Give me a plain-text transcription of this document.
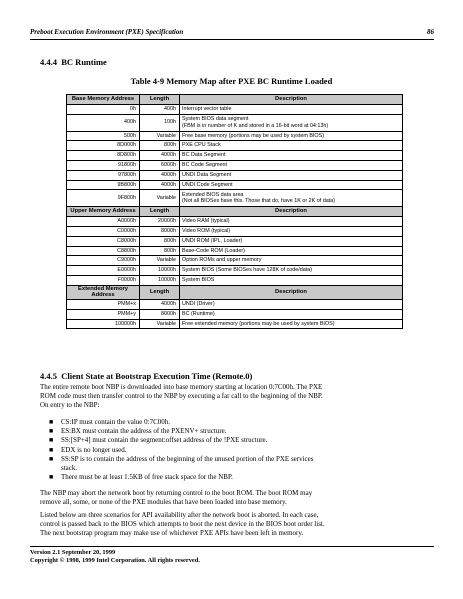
Preboot Execution Environment (PXE) Specification	86
4.4.4 BC Runtime
Table 4-9 Memory Map after PXE BC Runtime Loaded
Base Memory Address	Length	Description
0h	400h	Interrupt vector table
400h	100h	System BIOS data segment
(FBM is in number of K and stored in a 16-bit word at 04:13h)
500h	Variable	Free base memory (portions may be used by system BIOS)
8D000h	800h	PXE CPU Stack
8D800h	4000h	BC Data Segment
91800h	6000h	BC Code Segment
97800h	4000h	UNDI Data Segment
9B800h	4000h	UNDI Code Segment
9F800h	Variable	Extended BIOS data area
(Not all BIOSes have this. Those that do, have 1K or 2K of data)
Upper Memory Address	Length	Description
A0000h	20000h	Video RAM (typical)
C0000h	8000h	Video ROM (typical)
C8000h	800h	UNDI ROM (IPL, Loader)
C8800h	800h	Base-Code ROM (Loader)
C9000h	Variable	Option ROMs and upper memory
E0000h	10000h	System BIOS (Some BIOSes have 128K of code/data)
F0000h	10000h	System BIOS
Extended Memory Address	Length	Description
PMM+x	4000h	UNDI (Driver)
PMM+y	8000h	BC (Runtime)
100000h	Variable	Free extended memory (portions may be used by system BIOS)
4.4.5 Client State at Bootstrap Execution Time (Remote.0)

The entire remote boot NBP is downloaded into base memory starting at location 0:7C00h. The PXE

ROM code must then transfer control to the NBP by executing a far call to the beginning of the NBP.

On entry to the NBP:

■ CS:IP must contain the value 0:7C00h.
■ ES:BX must contain the address of the PXENV+ structure.
■ SS:[SP+4] must contain the segment:offset address of the !PXE structure.
■ EDX is no longer used.
■ SS:SP is to contain the address of the beginning of the unused portion of the PXE services
stack.
■ There must be at least 1.5KB of free stack space for the NBP.

The NBP may abort the network boot by returning control to the boot ROM. The boot ROM may

remove all, some, or none of the PXE modules that have been loaded into base memory.

Listed below are three scenarios for API availability after the network boot is aborted. In each case,

control is passed back to the BIOS which attempts to boot the next device in the BIOS boot order list.

The next bootstrap program may make use of whichever PXE APIs have been left in memory.

Version 2.1 September 20, 1999
Copyright © 1998, 1999 Intel Corporation. All rights reserved.
